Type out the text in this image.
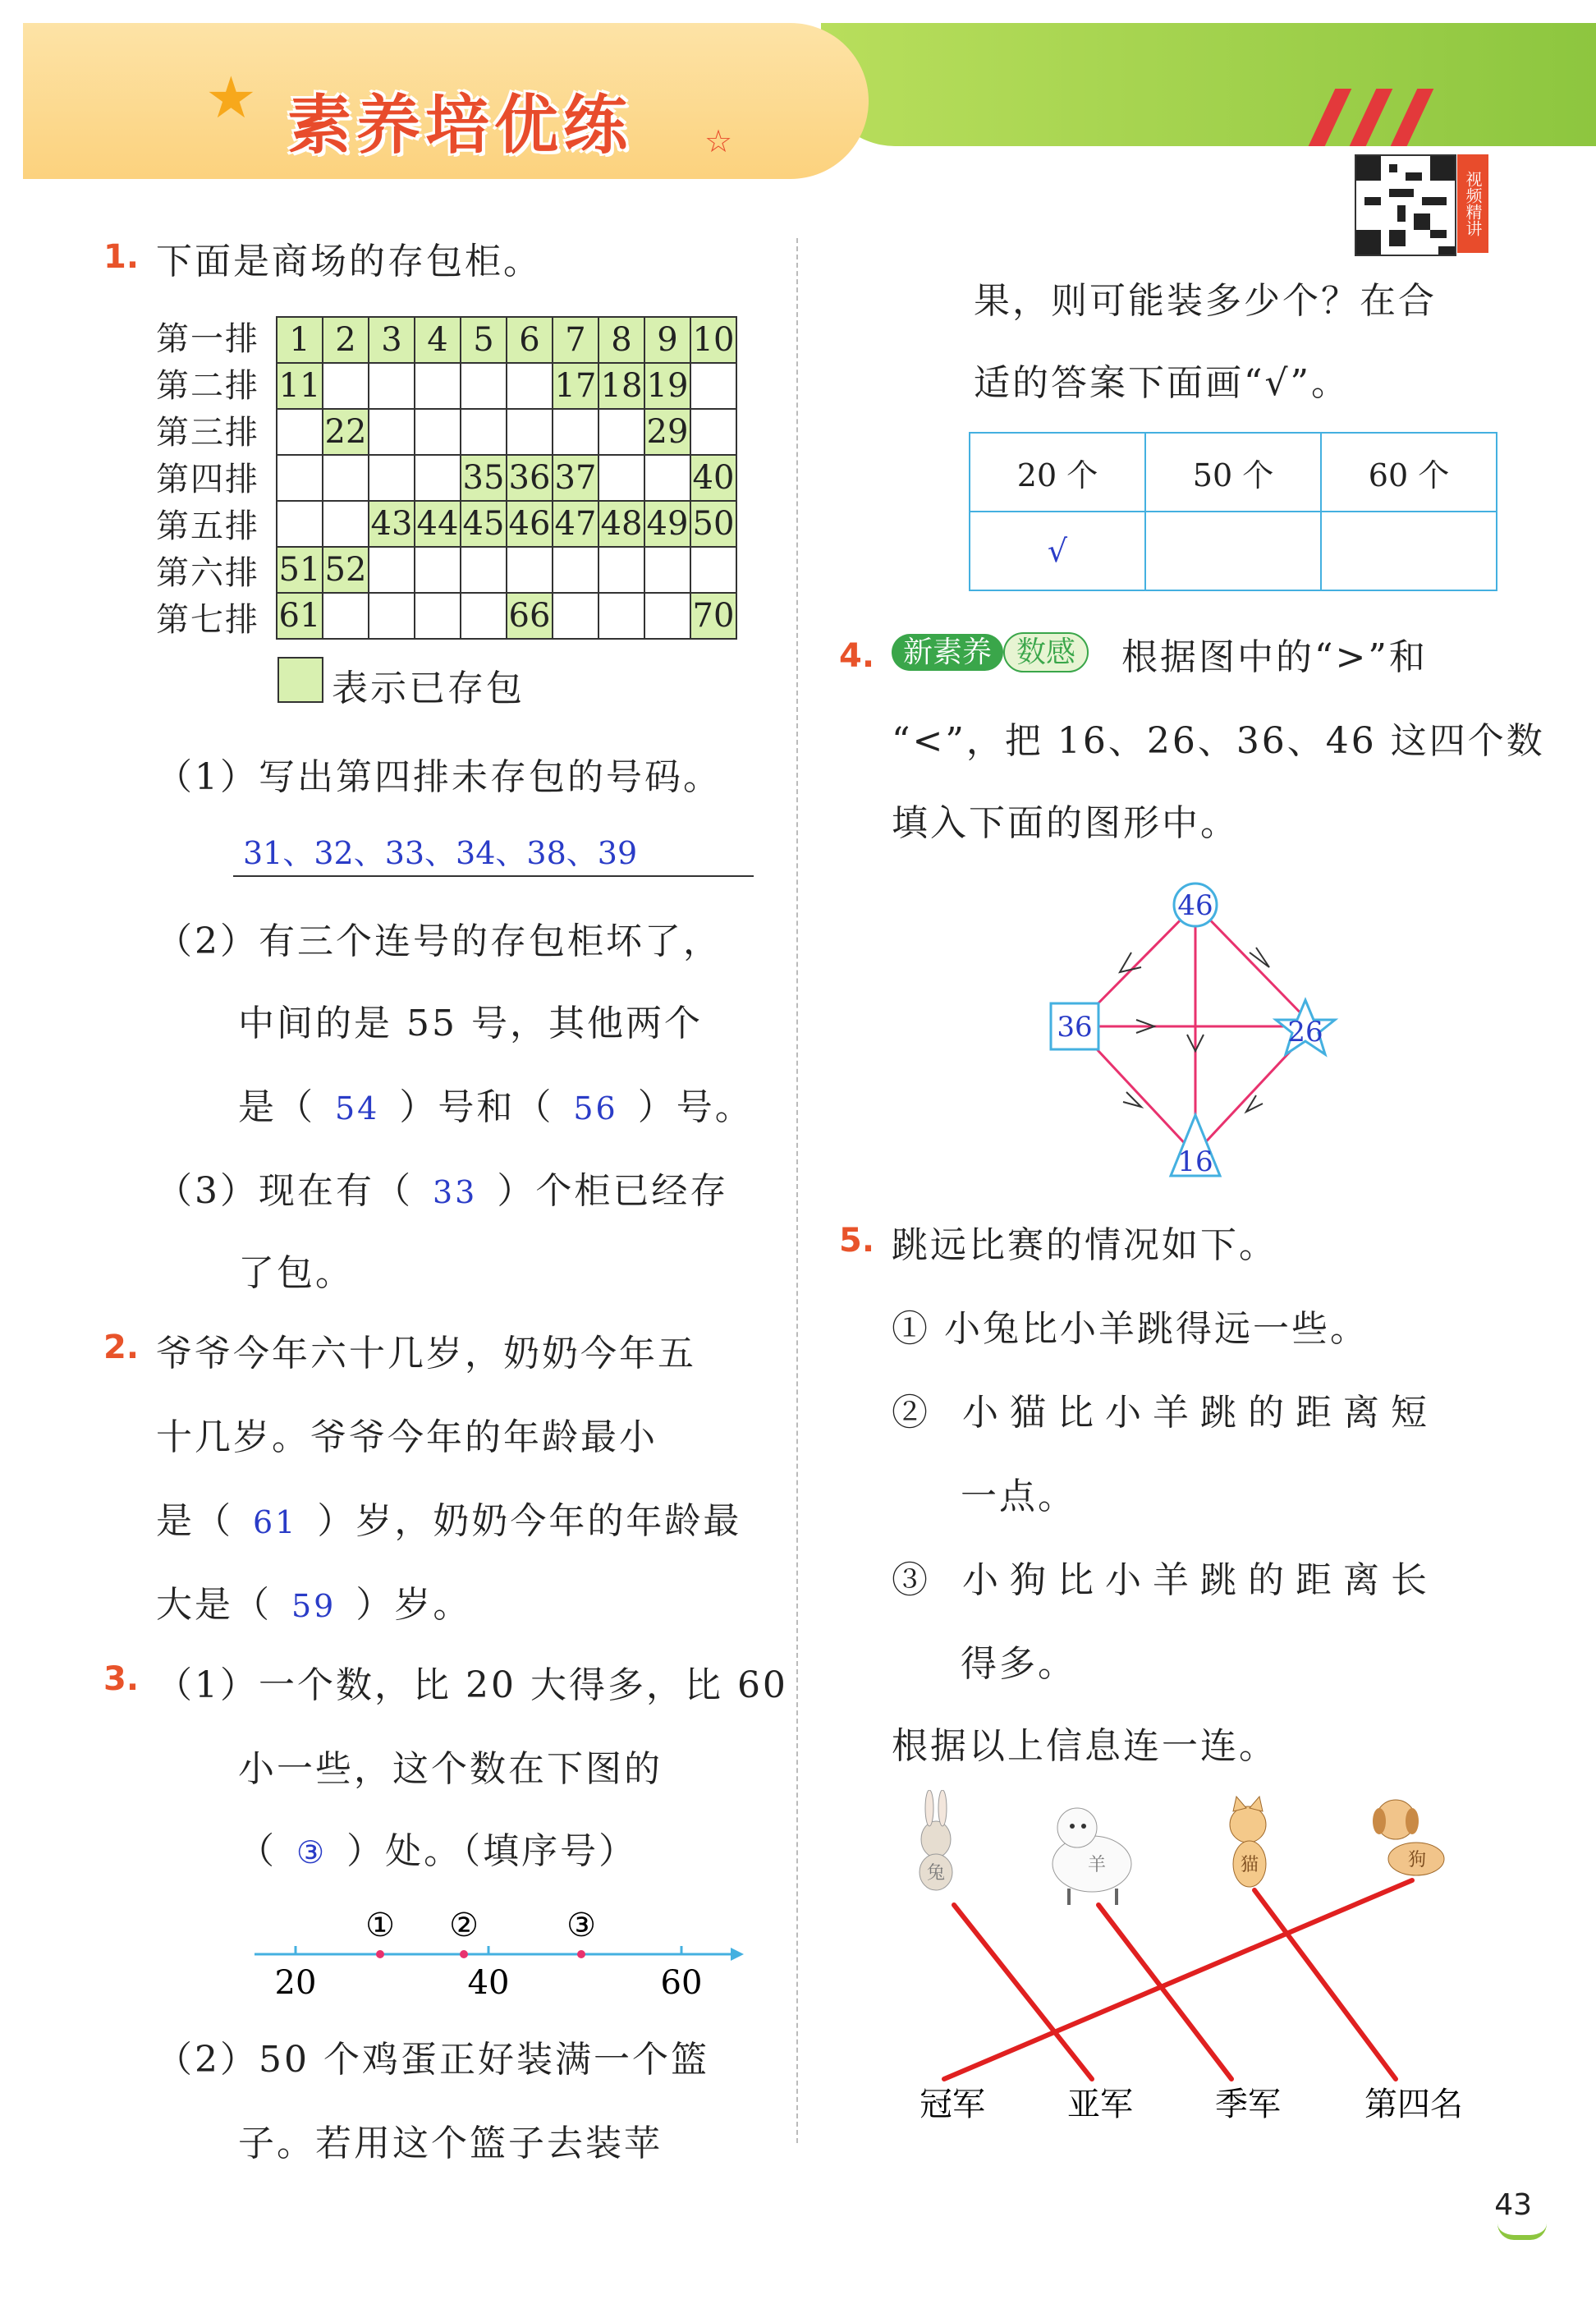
★ 素养培优练 ☆
视频精讲
1. 下面是商场的存包柜。
第一排
第二排
第三排
第四排
第五排
第六排
第七排
1	2	3	4	5	6	7	8	9	10
11						17	18	19	
	22							29	
				35	36	37			40
		43	44	45	46	47	48	49	50
51	52								
61					66				70
表示已存包
（1）写出第四排未存包的号码。
31、32、33、34、38、39
（2）有三个连号的存包柜坏了，
中间的是 55 号，其他两个
是（ 54 ）号和（ 56 ）号。
（3）现在有（ 33 ）个柜已经存
了包。
2. 爷爷今年六十几岁，奶奶今年五
十几岁。爷爷今年的年龄最小
是（ 61 ）岁，奶奶今年的年龄最
大是（ 59 ）岁。
3. （1）一个数，比 20 大得多，比 60
小一些，这个数在下图的
（ ③ ）处。（填序号）
① ②	③
20	40	60
（2）50 个鸡蛋正好装满一个篮
子。若用这个篮子去装苹
果，则可能装多少个？在合
适的答案下面画“√”。
20 个	50 个	60 个
√		
4. 新素养 数感	根据图中的“>”和
“<”，把 16、26、36、46 这四个数
填入下面的图形中。
46
36	26
16
5. 跳远比赛的情况如下。
① 小兔比小羊跳得远一些。
② 小猫比小羊跳的距离短
一点。
③ 小狗比小羊跳的距离长
得多。
根据以上信息连一连。
兔	羊	猫	狗
冠军	亚军	季军	第四名
43
